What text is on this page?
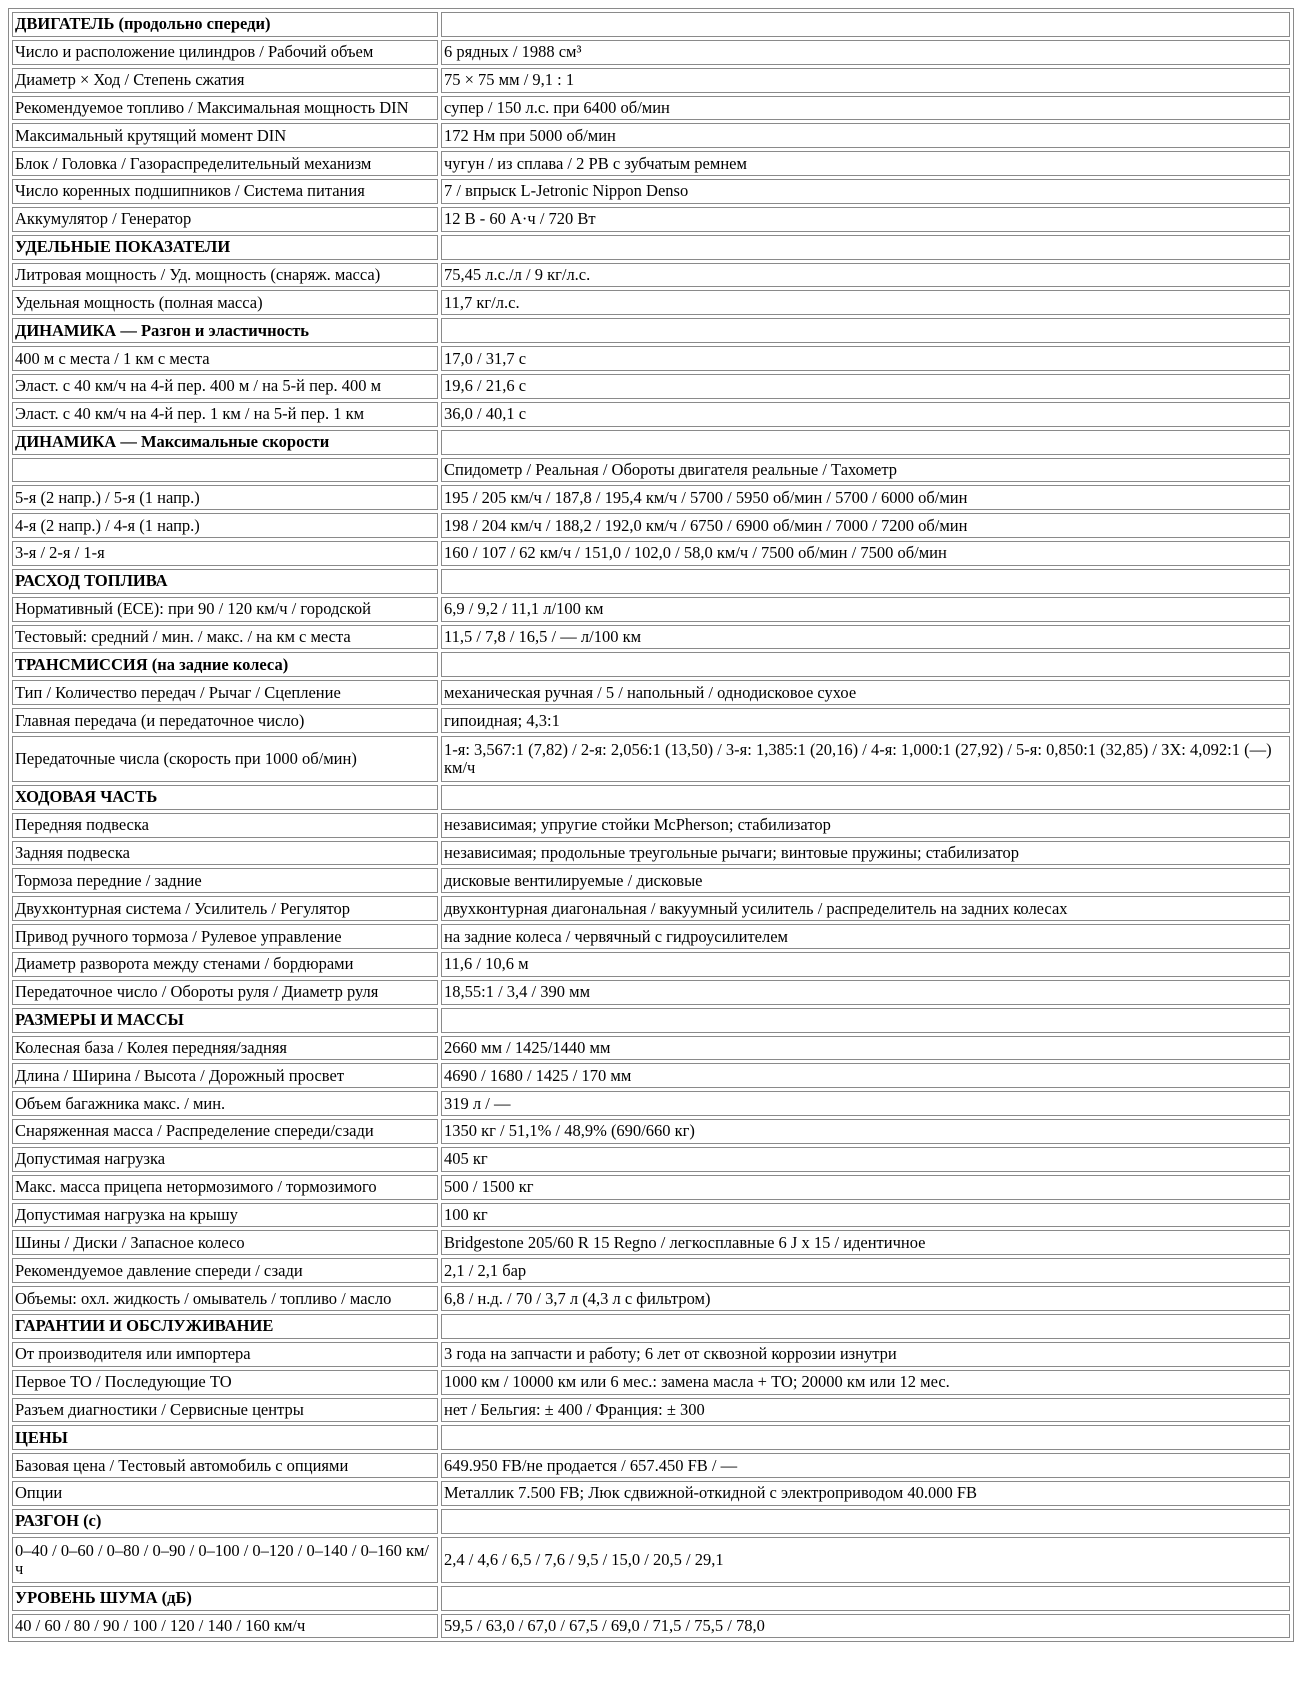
ДВИГАТЕЛЬ (продольно спереди)	
Число и расположение цилиндров / Рабочий объем	6 рядных / 1988 см³
Диаметр × Ход / Степень сжатия	75 × 75 мм / 9,1 : 1
Рекомендуемое топливо / Максимальная мощность DIN	супер / 150 л.с. при 6400 об/мин
Максимальный крутящий момент DIN	172 Нм при 5000 об/мин
Блок / Головка / Газораспределительный механизм	чугун / из сплава / 2 РВ с зубчатым ремнем
Число коренных подшипников / Система питания	7 / впрыск L-Jetronic Nippon Denso
Аккумулятор / Генератор	12 В - 60 А·ч / 720 Вт
УДЕЛЬНЫЕ ПОКАЗАТЕЛИ	
Литровая мощность / Уд. мощность (снаряж. масса)	75,45 л.с./л / 9 кг/л.с.
Удельная мощность (полная масса)	11,7 кг/л.с.
ДИНАМИКА — Разгон и эластичность	
400 м с места / 1 км с места	17,0 / 31,7 с
Эласт. с 40 км/ч на 4-й пер. 400 м / на 5-й пер. 400 м	19,6 / 21,6 с
Эласт. с 40 км/ч на 4-й пер. 1 км / на 5-й пер. 1 км	36,0 / 40,1 с
ДИНАМИКА — Максимальные скорости	
	Спидометр / Реальная / Обороты двигателя реальные / Тахометр
5-я (2 напр.) / 5-я (1 напр.)	195 / 205 км/ч / 187,8 / 195,4 км/ч / 5700 / 5950 об/мин / 5700 / 6000 об/мин
4-я (2 напр.) / 4-я (1 напр.)	198 / 204 км/ч / 188,2 / 192,0 км/ч / 6750 / 6900 об/мин / 7000 / 7200 об/мин
3-я / 2-я / 1-я	160 / 107 / 62 км/ч / 151,0 / 102,0 / 58,0 км/ч / 7500 об/мин / 7500 об/мин
РАСХОД ТОПЛИВА	
Нормативный (ECE): при 90 / 120 км/ч / городской	6,9 / 9,2 / 11,1 л/100 км
Тестовый: средний / мин. / макс. / на км с места	11,5 / 7,8 / 16,5 / — л/100 км
ТРАНСМИССИЯ (на задние колеса)	
Тип / Количество передач / Рычаг / Сцепление	механическая ручная / 5 / напольный / однодисковое сухое
Главная передача (и передаточное число)	гипоидная; 4,3:1
Передаточные числа (скорость при 1000 об/мин)	1-я: 3,567:1 (7,82) / 2-я: 2,056:1 (13,50) / 3-я: 1,385:1 (20,16) / 4-я: 1,000:1 (27,92) / 5-я: 0,850:1 (32,85) / ЗХ: 4,092:1 (—) км/ч
ХОДОВАЯ ЧАСТЬ	
Передняя подвеска	независимая; упругие стойки McPherson; стабилизатор
Задняя подвеска	независимая; продольные треугольные рычаги; винтовые пружины; стабилизатор
Тормоза передние / задние	дисковые вентилируемые / дисковые
Двухконтурная система / Усилитель / Регулятор	двухконтурная диагональная / вакуумный усилитель / распределитель на задних колесах
Привод ручного тормоза / Рулевое управление	на задние колеса / червячный с гидроусилителем
Диаметр разворота между стенами / бордюрами	11,6 / 10,6 м
Передаточное число / Обороты руля / Диаметр руля	18,55:1 / 3,4 / 390 мм
РАЗМЕРЫ И МАССЫ	
Колесная база / Колея передняя/задняя	2660 мм / 1425/1440 мм
Длина / Ширина / Высота / Дорожный просвет	4690 / 1680 / 1425 / 170 мм
Объем багажника макс. / мин.	319 л / —
Снаряженная масса / Распределение спереди/сзади	1350 кг / 51,1% / 48,9% (690/660 кг)
Допустимая нагрузка	405 кг
Макс. масса прицепа нетормозимого / тормозимого	500 / 1500 кг
Допустимая нагрузка на крышу	100 кг
Шины / Диски / Запасное колесо	Bridgestone 205/60 R 15 Regno / легкосплавные 6 J x 15 / идентичное
Рекомендуемое давление спереди / сзади	2,1 / 2,1 бар
Объемы: охл. жидкость / омыватель / топливо / масло	6,8 / н.д. / 70 / 3,7 л (4,3 л с фильтром)
ГАРАНТИИ И ОБСЛУЖИВАНИЕ	
От производителя или импортера	3 года на запчасти и работу; 6 лет от сквозной коррозии изнутри
Первое ТО / Последующие ТО	1000 км / 10000 км или 6 мес.: замена масла + ТО; 20000 км или 12 мес.
Разъем диагностики / Сервисные центры	нет / Бельгия: ± 400 / Франция: ± 300
ЦЕНЫ	
Базовая цена / Тестовый автомобиль с опциями	649.950 FB/не продается / 657.450 FB / —
Опции	Металлик 7.500 FB; Люк сдвижной-откидной с электроприводом 40.000 FB
РАЗГОН (с)	
0–40 / 0–60 / 0–80 / 0–90 / 0–100 / 0–120 / 0–140 / 0–160 км/ч	2,4 / 4,6 / 6,5 / 7,6 / 9,5 / 15,0 / 20,5 / 29,1
УРОВЕНЬ ШУМА (дБ)	
40 / 60 / 80 / 90 / 100 / 120 / 140 / 160 км/ч	59,5 / 63,0 / 67,0 / 67,5 / 69,0 / 71,5 / 75,5 / 78,0
